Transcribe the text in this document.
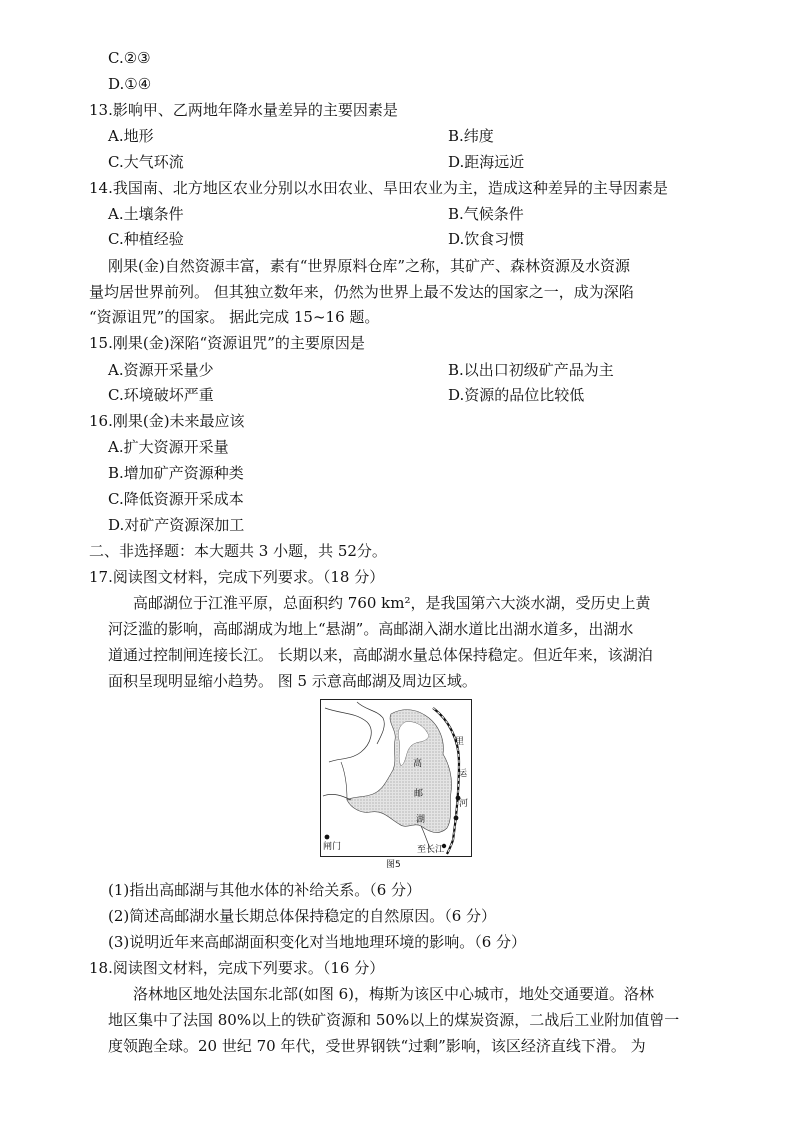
C.②③
D.①④
13.影响甲、乙两地年降水量差异的主要因素是
A.地形	B.纬度
C.大气环流	D.距海远近
14.我国南、北方地区农业分别以水田农业、旱田农业为主，造成这种差异的主导因素是
A.土壤条件	B.气候条件
C.种植经验	D.饮食习惯
刚果(金)自然资源丰富，素有“世界原料仓库”之称，其矿产、森林资源及水资源
量均居世界前列。 但其独立数年来，仍然为世界上最不发达的国家之一，成为深陷
“资源诅咒”的国家。 据此完成 15~16 题。
15.刚果(金)深陷“资源诅咒”的主要原因是
A.资源开采量少	B.以出口初级矿产品为主
C.环境破坏严重	D.资源的品位比较低
16.刚果(金)未来最应该
A.扩大资源开采量
B.增加矿产资源种类
C.降低资源开采成本
D.对矿产资源深加工
二、非选择题：本大题共 3 小题，共 52分。
17.阅读图文材料，完成下列要求。（18 分）
高邮湖位于江淮平原，总面积约 760 km²，是我国第六大淡水湖，受历史上黄
河泛滥的影响，高邮湖成为地上“悬湖”。高邮湖入湖水道比出湖水道多，出湖水
道通过控制闸连接长江。 长期以来，高邮湖水量总体保持稳定。但近年来，该湖泊
面积呈现明显缩小趋势。 图 5 示意高邮湖及周边区域。
里
运
河
高
邮
湖
闸门	至长江
图5
(1)指出高邮湖与其他水体的补给关系。（6 分）
(2)简述高邮湖水量长期总体保持稳定的自然原因。（6 分）
(3)说明近年来高邮湖面积变化对当地地理环境的影响。（6 分）
18.阅读图文材料，完成下列要求。（16 分）
洛林地区地处法国东北部(如图 6)，梅斯为该区中心城市，地处交通要道。洛林
地区集中了法国 80%以上的铁矿资源和 50%以上的煤炭资源，二战后工业附加值曾一
度领跑全球。20 世纪 70 年代，受世界钢铁“过剩”影响，该区经济直线下滑。 为
